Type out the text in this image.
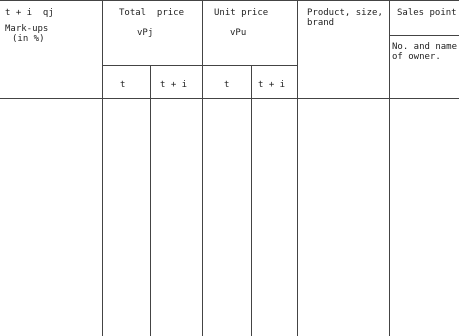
t + i  qj
Mark-ups
(in %)
Total  price
vPj
t	t + i
Unit price
vPu
t	t + i
Product, size,
brand
Sales point
No. and name
of owner.
